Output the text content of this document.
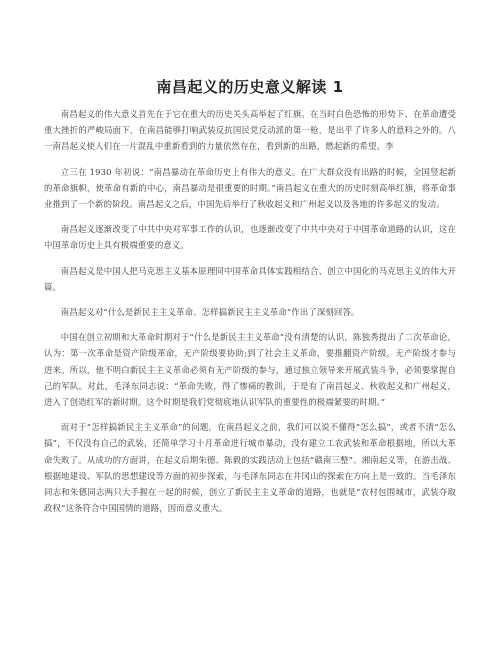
南昌起义的历史意义解读 1

南昌起义的伟大意义首先在于它在重大的历史关头高举起了红旗。在当时白色恐怖的形势下、在革命遭受重大挫折的严峻局面下，在南昌能够打响武装反抗国民党反动派的第一枪，是出乎了许多人的意料之外的。八一南昌起义使人们在一片混乱中重新看到的力量依然存在，看到新的出路，燃起新的希望。李

立三在 1930 年初说：“南昌暴动在革命历史上有伟大的意义。在广大群众没有出路的时候，全国竖起新的革命旗帜，使革命有新的中心，南昌暴动是很重要的时期。”南昌起义在重大的历史时刻高举红旗，将革命事业推到了一个新的阶段。南昌起义之后，中国先后举行了秋收起义和广州起义以及各地的许多起义的发动。

南昌起义逐渐改变了中共中央对军事工作的认识，也逐渐改变了中共中央对于中国革命道路的认识，这在中国革命历史上具有极端重要的意义。

南昌起义是中国人把马克思主义基本原理同中国革命具体实践相结合、创立中国化的马克思主义的伟大开篇。

南昌起义对“什么是新民主主义革命、怎样搞新民主主义革命”作出了深刻回答。

中国在创立初期和大革命时期对于“什么是新民主主义革命”没有清楚的认识，陈独秀提出了二次革命论，认为：第一次革命是资产阶级革命，无产阶级要协助;到了社会主义革命，要推翻资产阶级，无产阶级才参与进来。所以，他不明白新民主主义革命必须有无产阶级的参与，通过独立领导来开展武装斗争，必须要掌握自己的军队。对此，毛泽东同志说：“革命失败，得了惨痛的教训，于是有了南昌起义、秋收起义和广州起义，进入了创造红军的新时期。这个时期是我们党彻底地认识军队的重要性的极端紧要的时期。”

而对于“怎样搞新民主主义革命”的问题，在南昌起义之前，我们可以说不懂得“怎么搞”，或者不清“怎么搞”，不仅没有自己的武装，还简单学习十月革命进行城市暴动，没有建立工农武装和革命根据地，所以大革命失败了。从成功的方面讲，在起义后期朱德、陈毅的实践活动上包括“赣南三整”、湘南起义等，在游击战、根据地建设、军队的思想建设等方面的初步探索，与毛泽东同志在井冈山的探索在方向上是一致的。当毛泽东同志和朱德同志两只大手握在一起的时候，创立了新民主主义革命的道路，也就是“农村包围城市，武装夺取政权”这条符合中国国情的道路，因而意义重大。
